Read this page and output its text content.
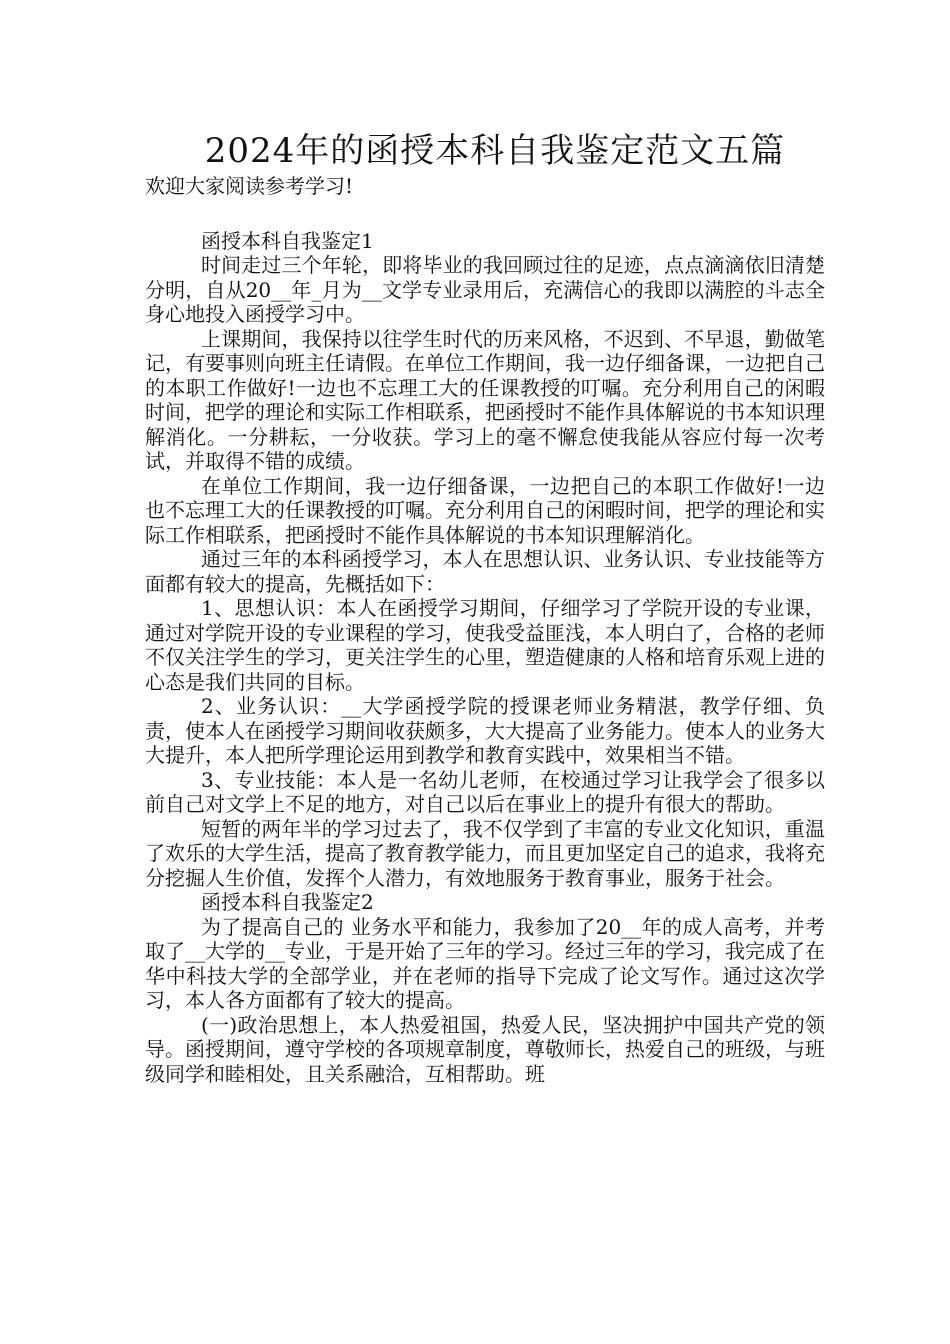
2024年的函授本科自我鉴定范文五篇
欢迎大家阅读参考学习!

函授本科自我鉴定1

时间走过三个年轮，即将毕业的我回顾过往的足迹，点点滴滴依旧清楚分明，自从20__年_月为__文学专业录用后，充满信心的我即以满腔的斗志全身心地投入函授学习中。

上课期间，我保持以往学生时代的历来风格，不迟到、不早退，勤做笔记，有要事则向班主任请假。在单位工作期间，我一边仔细备课，一边把自己的本职工作做好!一边也不忘理工大的任课教授的叮嘱。充分利用自己的闲暇时间，把学的理论和实际工作相联系，把函授时不能作具体解说的书本知识理解消化。一分耕耘，一分收获。学习上的毫不懈怠使我能从容应付每一次考试，并取得不错的成绩。

在单位工作期间，我一边仔细备课，一边把自己的本职工作做好!一边也不忘理工大的任课教授的叮嘱。充分利用自己的闲暇时间，把学的理论和实际工作相联系，把函授时不能作具体解说的书本知识理解消化。

通过三年的本科函授学习，本人在思想认识、业务认识、专业技能等方面都有较大的提高，先概括如下：

1、思想认识：本人在函授学习期间，仔细学习了学院开设的专业课，通过对学院开设的专业课程的学习，使我受益匪浅，本人明白了，合格的老师不仅关注学生的学习，更关注学生的心里，塑造健康的人格和培育乐观上进的心态是我们共同的目标。

2、业务认识：__大学函授学院的授课老师业务精湛，教学仔细、负责，使本人在函授学习期间收获颇多，大大提高了业务能力。使本人的业务大大提升，本人把所学理论运用到教学和教育实践中，效果相当不错。

3、专业技能：本人是一名幼儿老师，在校通过学习让我学会了很多以前自己对文学上不足的地方，对自己以后在事业上的提升有很大的帮助。

短暂的两年半的学习过去了，我不仅学到了丰富的专业文化知识，重温了欢乐的大学生活，提高了教育教学能力，而且更加坚定自己的追求，我将充分挖掘人生价值，发挥个人潜力，有效地服务于教育事业，服务于社会。

函授本科自我鉴定2

为了提高自己的 业务水平和能力，我参加了20__年的成人高考，并考取了__大学的__专业，于是开始了三年的学习。经过三年的学习，我完成了在华中科技大学的全部学业，并在老师的指导下完成了论文写作。通过这次学习，本人各方面都有了较大的提高。

(一)政治思想上，本人热爱祖国，热爱人民，坚决拥护中国共产党的领导。函授期间，遵守学校的各项规章制度，尊敬师长，热爱自己的班级，与班级同学和睦相处，且关系融洽，互相帮助。班
